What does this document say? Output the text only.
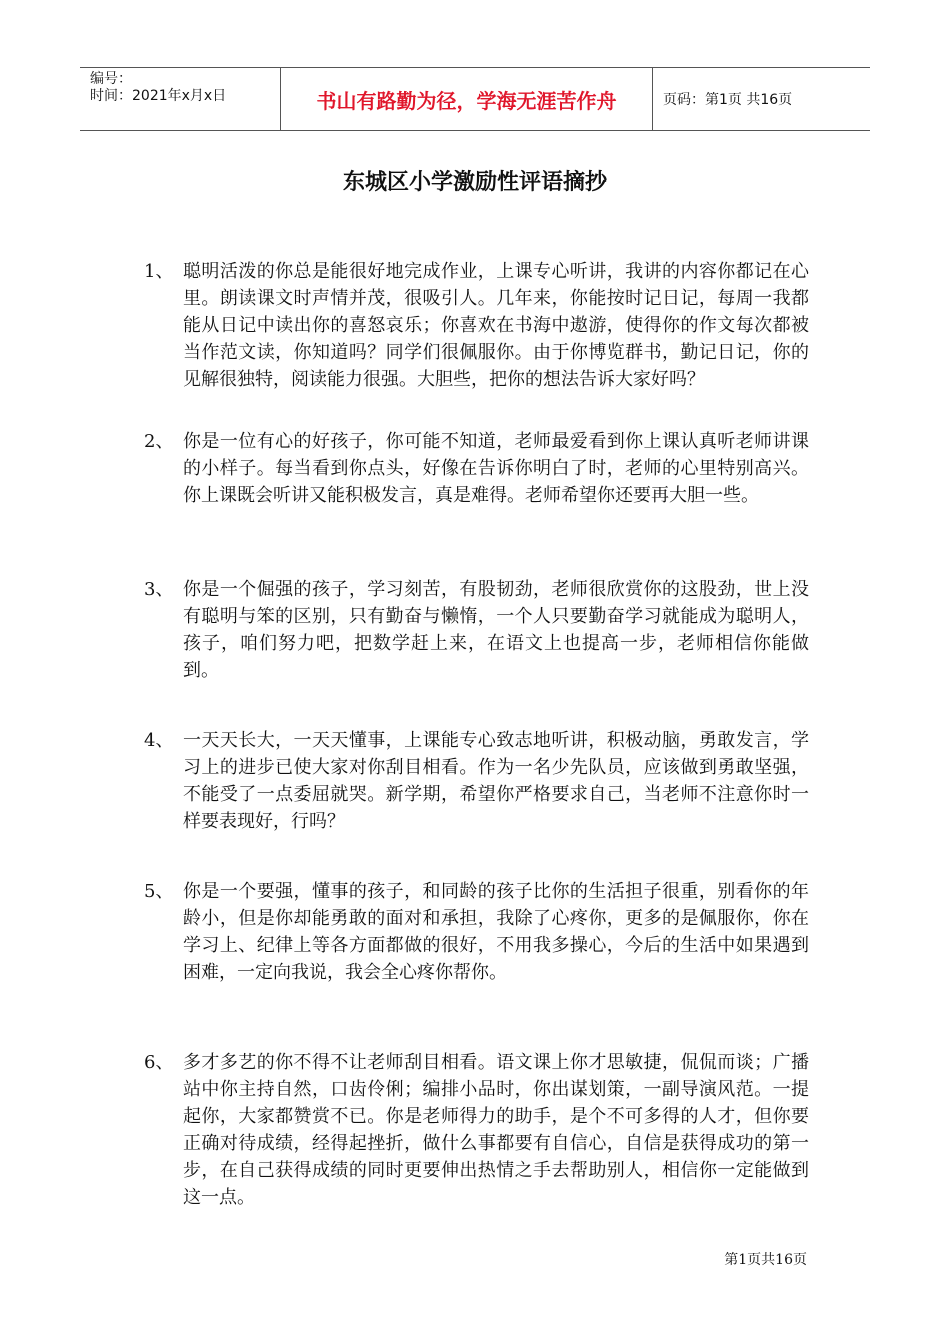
编号：
时间：2021年x月x日	书山有路勤为径，学海无涯苦作舟	页码：第1页 共16页
东城区小学激励性评语摘抄
1、 聪明活泼的你总是能很好地完成作业，上课专心听讲，我讲的内容你都记在心里。朗读课文时声情并茂，很吸引人。几年来，你能按时记日记，每周一我都能从日记中读出你的喜怒哀乐；你喜欢在书海中遨游，使得你的作文每次都被当作范文读，你知道吗？同学们很佩服你。由于你博览群书，勤记日记，你的见解很独特，阅读能力很强。大胆些，把你的想法告诉大家好吗？
2、 你是一位有心的好孩子，你可能不知道，老师最爱看到你上课认真听老师讲课的小样子。每当看到你点头，好像在告诉你明白了时，老师的心里特别高兴。你上课既会听讲又能积极发言，真是难得。老师希望你还要再大胆一些。
3、 你是一个倔强的孩子，学习刻苦，有股韧劲，老师很欣赏你的这股劲，世上没有聪明与笨的区别，只有勤奋与懒惰，一个人只要勤奋学习就能成为聪明人，孩子，咱们努力吧，把数学赶上来，在语文上也提高一步，老师相信你能做到。
4、 一天天长大，一天天懂事，上课能专心致志地听讲，积极动脑，勇敢发言，学习上的进步已使大家对你刮目相看。作为一名少先队员，应该做到勇敢坚强，不能受了一点委屈就哭。新学期，希望你严格要求自己，当老师不注意你时一样要表现好，行吗？
5、 你是一个要强，懂事的孩子，和同龄的孩子比你的生活担子很重，别看你的年龄小，但是你却能勇敢的面对和承担，我除了心疼你，更多的是佩服你，你在学习上、纪律上等各方面都做的很好，不用我多操心，今后的生活中如果遇到困难，一定向我说，我会全心疼你帮你。
6、 多才多艺的你不得不让老师刮目相看。语文课上你才思敏捷，侃侃而谈；广播站中你主持自然，口齿伶俐；编排小品时，你出谋划策，一副导演风范。一提起你，大家都赞赏不已。你是老师得力的助手，是个不可多得的人才，但你要正确对待成绩，经得起挫折，做什么事都要有自信心，自信是获得成功的第一步，在自己获得成绩的同时更要伸出热情之手去帮助别人，相信你一定能做到这一点。
第1页共16页
